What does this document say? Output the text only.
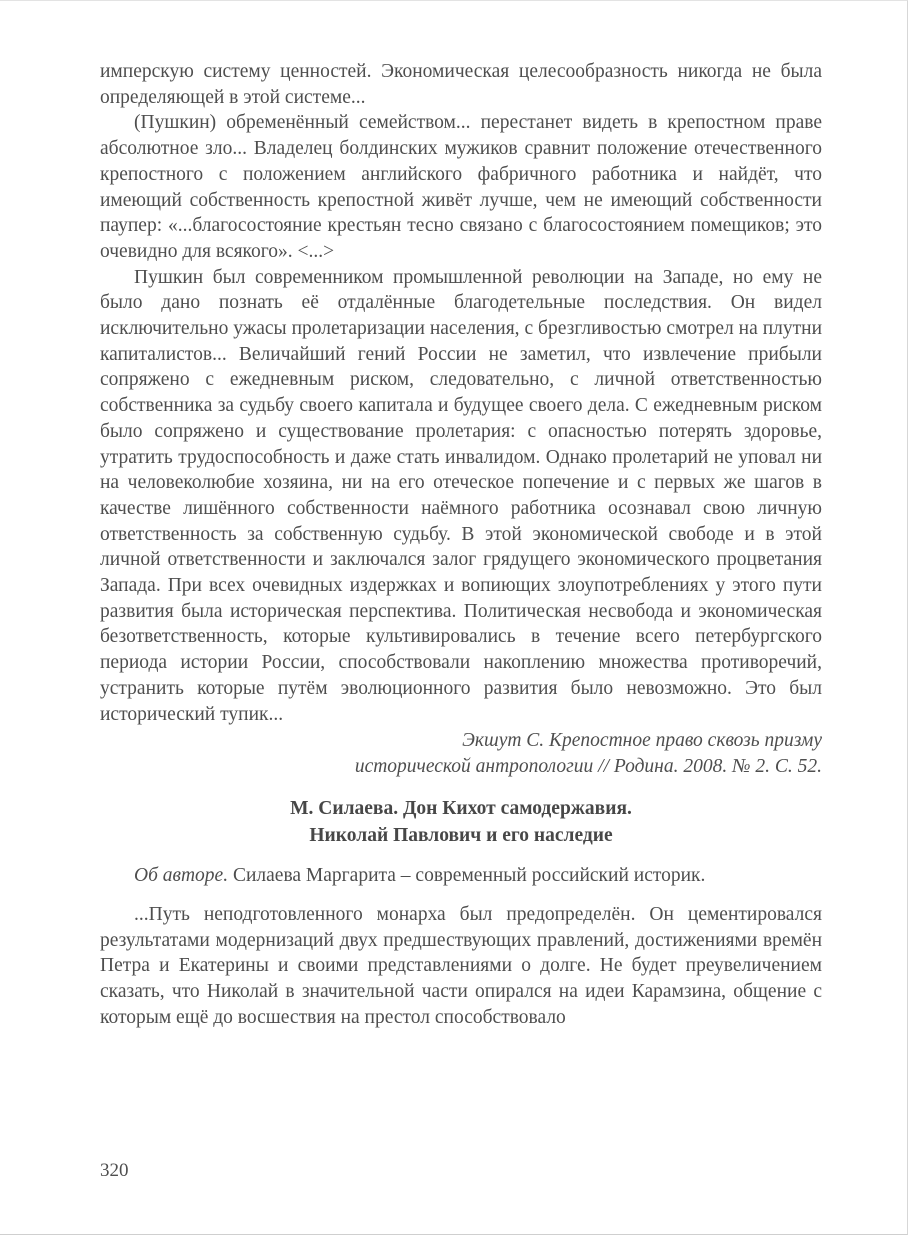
имперскую систему ценностей. Экономическая целесообразность никогда не была определяющей в этой системе...

(Пушкин) обременённый семейством... перестанет видеть в крепостном праве абсолютное зло... Владелец болдинских мужиков сравнит положение отечественного крепостного с положением английского фабричного работника и найдёт, что имеющий собственность крепостной живёт лучше, чем не имеющий собственности паупер: «...благосостояние крестьян тесно связано с благосостоянием помещиков; это очевидно для всякого». <...>

Пушкин был современником промышленной революции на Западе, но ему не было дано познать её отдалённые благодетельные последствия. Он видел исключительно ужасы пролетаризации населения, с брезгливостью смотрел на плутни капиталистов... Величайший гений России не заметил, что извлечение прибыли сопряжено с ежедневным риском, следовательно, с личной ответственностью собственника за судьбу своего капитала и будущее своего дела. С ежедневным риском было сопряжено и существование пролетария: с опасностью потерять здоровье, утратить трудоспособность и даже стать инвалидом. Однако пролетарий не уповал ни на человеколюбие хозяина, ни на его отеческое попечение и с первых же шагов в качестве лишённого собственности наёмного работника осознавал свою личную ответственность за собственную судьбу. В этой экономической свободе и в этой личной ответственности и заключался залог грядущего экономического процветания Запада. При всех очевидных издержках и вопиющих злоупотреблениях у этого пути развития была историческая перспектива. Политическая несвобода и экономическая безответственность, которые культивировались в течение всего петербургского периода истории России, способствовали накоплению множества противоречий, устранить которые путём эволюционного развития было невозможно. Это был исторический тупик...

Экшут С. Крепостное право сквозь призму
исторической антропологии // Родина. 2008. № 2. С. 52.
М. Силаева. Дон Кихот самодержавия.
Николай Павлович и его наследие

Об авторе. Силаева Маргарита – современный российский историк.

...Путь неподготовленного монарха был предопределён. Он цементировался результатами модернизаций двух предшествующих правлений, достижениями времён Петра и Екатерины и своими представлениями о долге. Не будет преувеличением сказать, что Николай в значительной части опирался на идеи Карамзина, общение с которым ещё до восшествия на престол способствовало

320
